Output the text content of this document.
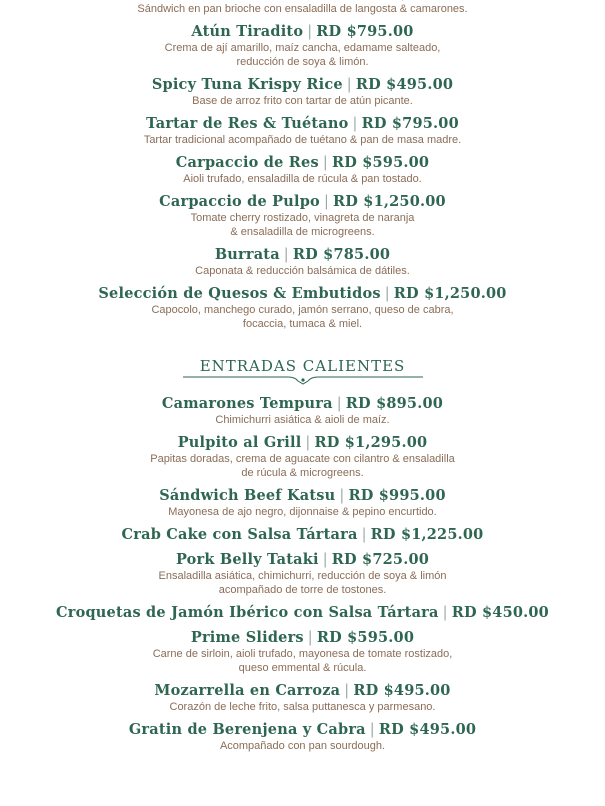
Sándwich en pan brioche con ensaladilla de langosta & camarones.
Atún Tiradito | RD $795.00
Crema de ají amarillo, maíz cancha, edamame salteado,
reducción de soya & limón.
Spicy Tuna Krispy Rice | RD $495.00
Base de arroz frito con tartar de atún picante.
Tartar de Res & Tuétano | RD $795.00
Tartar tradicional acompañado de tuétano & pan de masa madre.
Carpaccio de Res | RD $595.00
Aioli trufado, ensaladilla de rúcula & pan tostado.
Carpaccio de Pulpo | RD $1,250.00
Tomate cherry rostizado, vinagreta de naranja
& ensaladilla de microgreens.
Burrata | RD $785.00
Caponata & reducción balsámica de dátiles.
Selección de Quesos & Embutidos | RD $1,250.00
Capocolo, manchego curado, jamón serrano, queso de cabra,
focaccia, tumaca & miel.
ENTRADAS CALIENTES
Camarones Tempura | RD $895.00
Chimichurri asiática & aioli de maíz.
Pulpito al Grill | RD $1,295.00
Papitas doradas, crema de aguacate con cilantro & ensaladilla
de rúcula & microgreens.
Sándwich Beef Katsu | RD $995.00
Mayonesa de ajo negro, dijonnaise & pepino encurtido.
Crab Cake con Salsa Tártara | RD $1,225.00
Pork Belly Tataki | RD $725.00
Ensaladilla asiática, chimichurri, reducción de soya & limón
acompañado de torre de tostones.
Croquetas de Jamón Ibérico con Salsa Tártara | RD $450.00
Prime Sliders | RD $595.00
Carne de sirloin, aioli trufado, mayonesa de tomate rostizado,
queso emmental & rúcula.
Mozarrella en Carroza | RD $495.00
Corazón de leche frito, salsa puttanesca y parmesano.
Gratin de Berenjena y Cabra | RD $495.00
Acompañado con pan sourdough.
